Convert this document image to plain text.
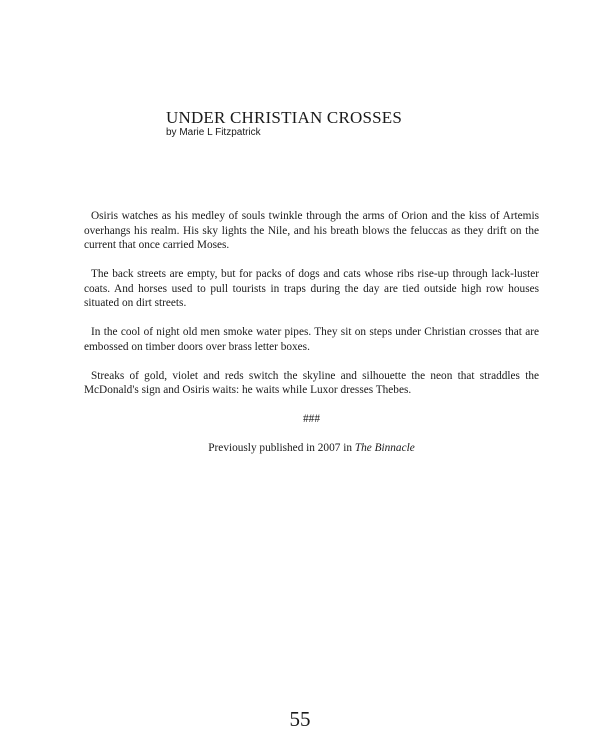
UNDER CHRISTIAN CROSSES
by Marie L Fitzpatrick

Osiris watches as his medley of souls twinkle through the arms of Orion and the kiss of Artemis overhangs his realm. His sky lights the Nile, and his breath blows the feluccas as they drift on the current that once carried Moses.

The back streets are empty, but for packs of dogs and cats whose ribs rise-up through lack-luster coats. And horses used to pull tourists in traps during the day are tied outside high row houses situated on dirt streets.

In the cool of night old men smoke water pipes. They sit on steps under Christian crosses that are embossed on timber doors over brass letter boxes.

Streaks of gold, violet and reds switch the skyline and silhouette the neon that straddles the McDonald's sign and Osiris waits: he waits while Luxor dresses Thebes.

###
Previously published in 2007 in The Binnacle
55
